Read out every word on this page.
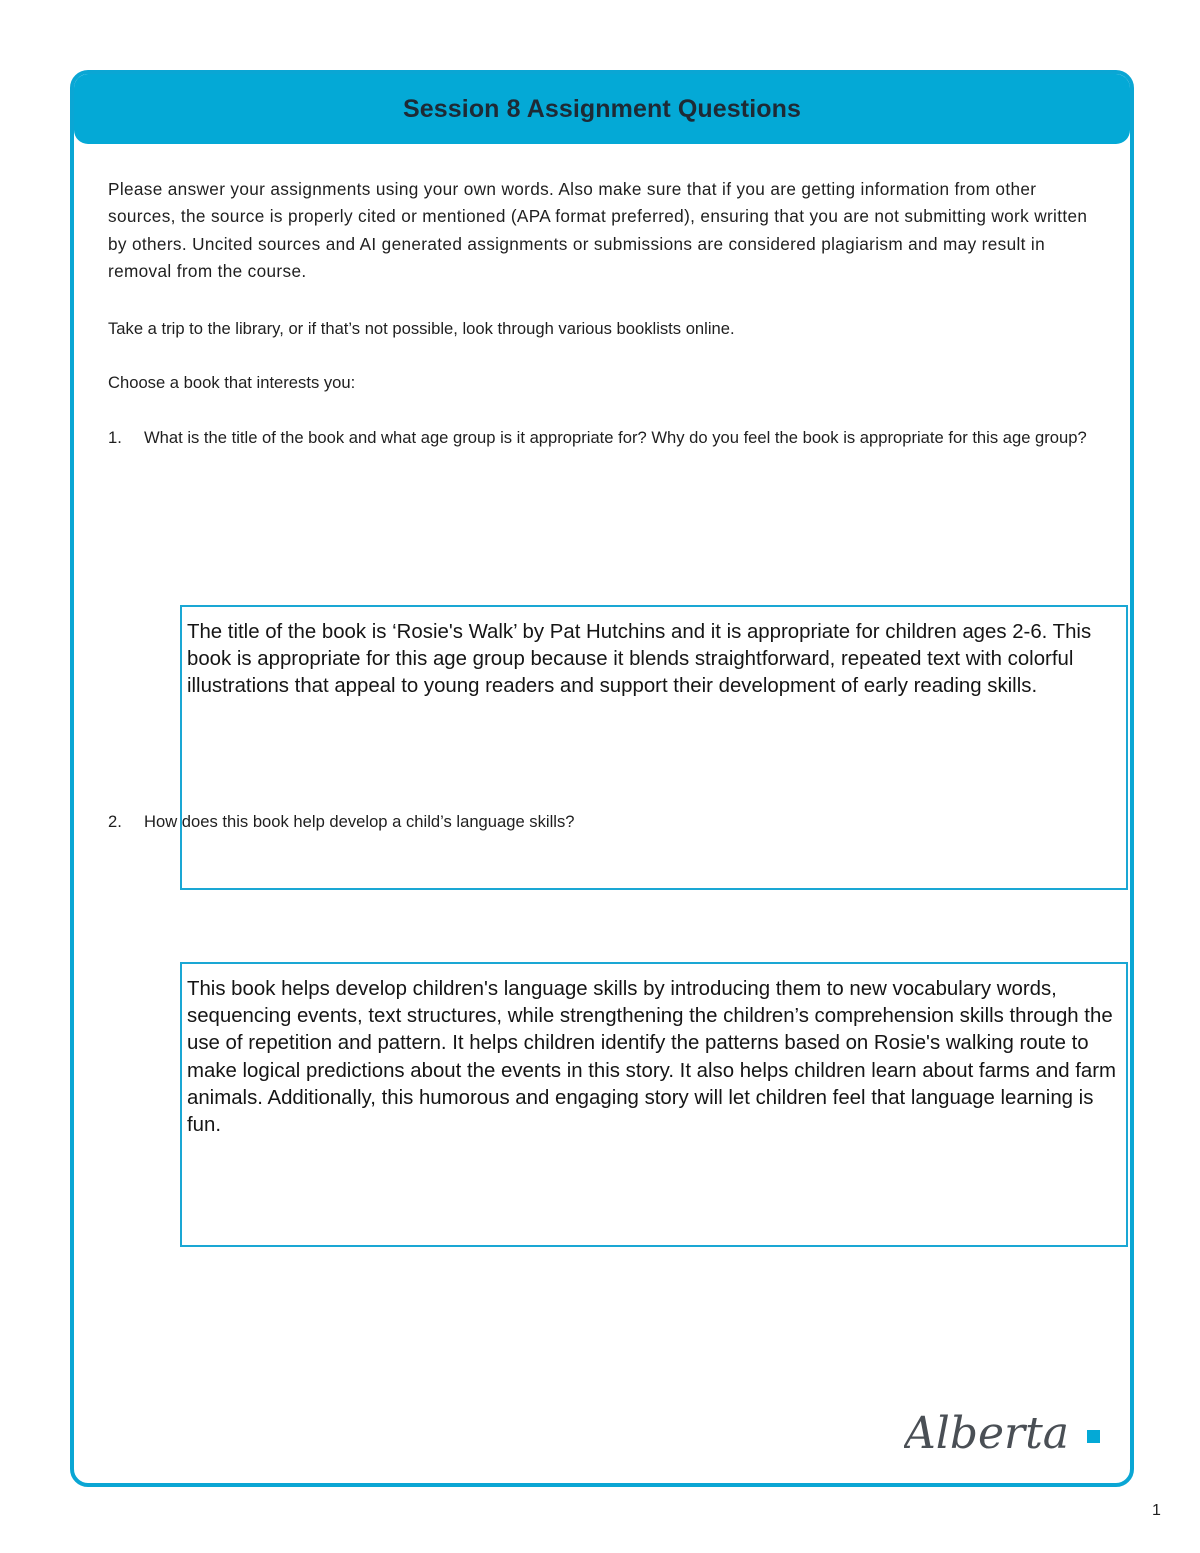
Session 8 Assignment Questions

Please answer your assignments using your own words. Also make sure that if you are getting information from other sources, the source is properly cited or mentioned (APA format preferred), ensuring that you are not submitting work written by others. Uncited sources and AI generated assignments or submissions are considered plagiarism and may result in removal from the course.

Take a trip to the library, or if that’s not possible, look through various booklists online.

Choose a book that interests you:

1.	What is the title of the book and what age group is it appropriate for? Why do you feel the book is appropriate for this age group?
The title of the book is ‘Rosie's Walk’ by Pat Hutchins and it is appropriate for children ages 2-6. This book is appropriate for this age group because it blends straightforward, repeated text with colorful illustrations that appeal to young readers and support their development of early reading skills.
2.	How does this book help develop a child’s language skills?
This book helps develop children's language skills by introducing them to new vocabulary words, sequencing events, text structures, while strengthening the children’s comprehension skills through the use of repetition and pattern. It helps children identify the patterns based on Rosie's walking route to make logical predictions about the events in this story. It also helps children learn about farms and farm animals. Additionally, this humorous and engaging story will let children feel that language learning is fun.
Alberta
1
